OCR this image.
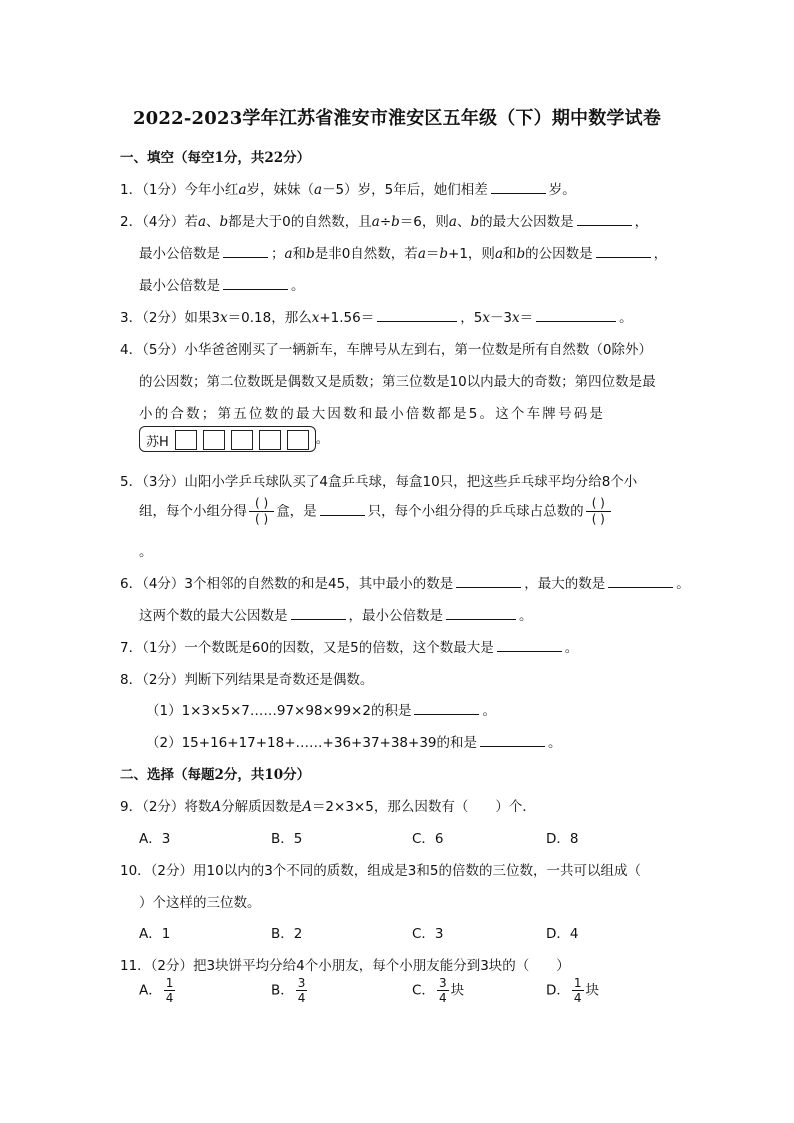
2022-2023学年江苏省淮安市淮安区五年级（下）期中数学试卷
一、填空（每空1分，共22分）
1．（1分）今年小红a岁，妹妹（a－5）岁，5年后，她们相差	岁。
2．（4分）若a、b都是大于0的自然数，且a÷b＝6，则a、b的最大公因数是	，
最小公倍数是	；a和b是非0自然数，若a＝b+1，则a和b的公因数是	，
最小公倍数是	。
3．（2分）如果3x＝0.18，那么x+1.56＝	，5x－3x＝	。
4．（5分）小华爸爸刚买了一辆新车，车牌号从左到右，第一位数是所有自然数（0除外）
的公因数；第二位数既是偶数又是质数；第三位数是10以内最大的奇数；第四位数是最
小的合数；第五位数的最大因数和最小倍数都是5。这个车牌号码是
苏H	。
5．（3分）山阳小学乒乓球队买了4盒乒乓球，每盒10只，把这些乒乓球平均分给8个小
组，每个小组分得 $\frac{( )}{( )}$ 盒，是	只，每个小组分得的乒乓球占总数的 $\frac{( )}{( )}$
。
6．（4分）3个相邻的自然数的和是45，其中最小的数是	，最大的数是	。
这两个数的最大公因数是	，最小公倍数是	。
7．（1分）一个数既是60的因数，又是5的倍数，这个数最大是	。
8．（2分）判断下列结果是奇数还是偶数。
（1）1×3×5×7……97×98×99×2的积是	。
（2）15+16+17+18+……+36+37+38+39的和是	。
二、选择（每题2分，共10分）
9．（2分）将数A分解质因数是A＝2×3×5，那么因数有（　　）个．
A．3	B．5	C．6	D．8
10．（2分）用10以内的3个不同的质数，组成是3和5的倍数的三位数，一共可以组成（
）个这样的三位数。
A．1	B．2	C．3	D．4
11．（2分）把3块饼平均分给4个小朋友，每个小朋友能分到3块的（　　）
A． $\frac{1}{4}$	B． $\frac{3}{4}$	C． $\frac{3}{4}$ 块	D． $\frac{1}{4}$ 块
